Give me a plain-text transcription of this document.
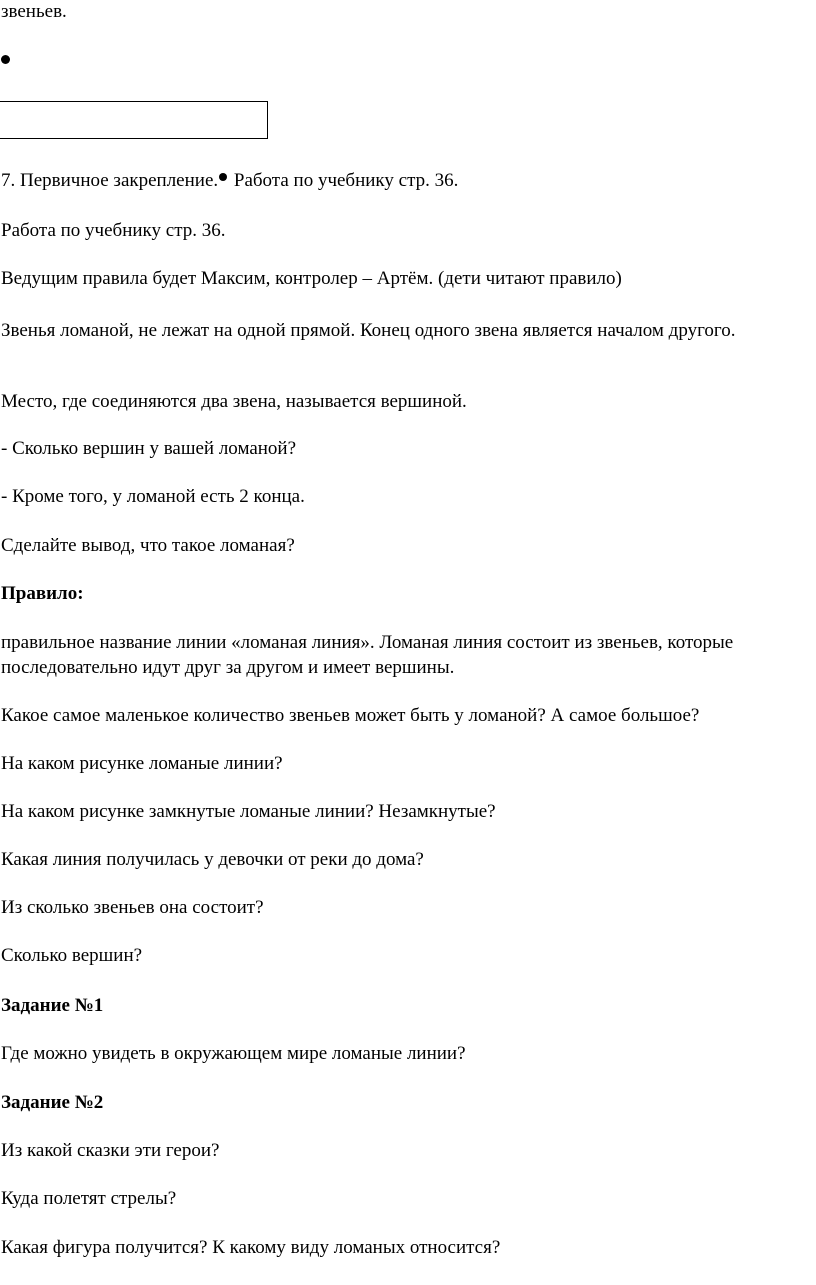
звеньев.
7. Первичное закрепление. Работа по учебнику стр. 36.
Работа по учебнику стр. 36.
Ведущим правила будет Максим, контролер – Артём. (дети читают правило)
Звенья ломаной, не лежат на одной прямой. Конец одного звена является началом другого.
Место, где соединяются два звена, называется вершиной.
- Сколько вершин у вашей ломаной?
- Кроме того, у ломаной есть 2 конца.
Сделайте вывод, что такое ломаная?
Правило:
правильное название линии «ломаная линия». Ломаная линия состоит из звеньев, которые последовательно идут друг за другом и имеет вершины.
Какое самое маленькое количество звеньев может быть у ломаной? А самое большое?
На каком рисунке ломаные линии?
На каком рисунке замкнутые ломаные линии? Незамкнутые?
Какая линия получилась у девочки от реки до дома?
Из сколько звеньев она состоит?
Сколько вершин?
Задание №1
Где можно увидеть в окружающем мире ломаные линии?
Задание №2
Из какой сказки эти герои?
Куда полетят стрелы?
Какая фигура получится? К какому виду ломаных относится?
